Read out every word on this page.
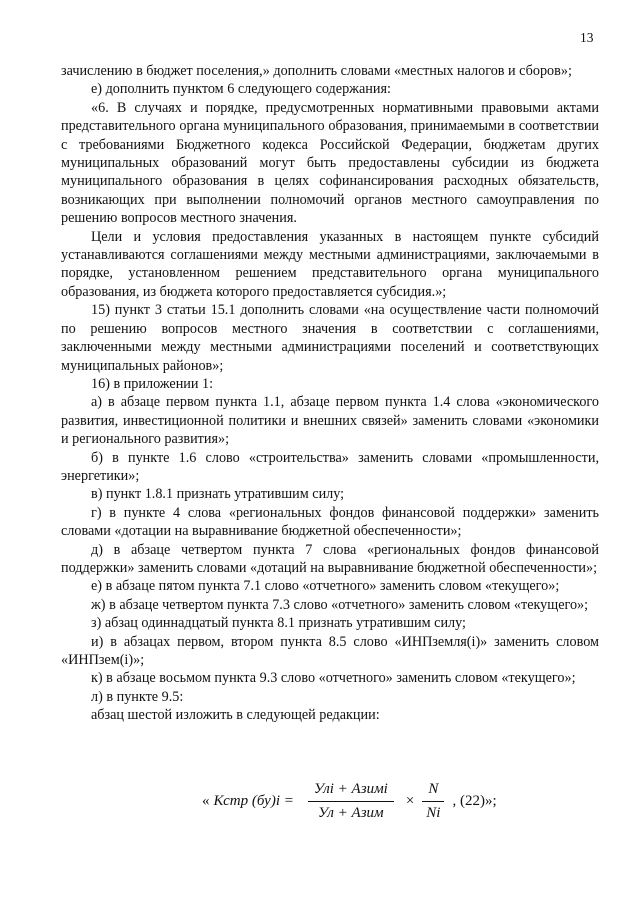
13

зачислению в бюджет поселения,» дополнить словами «местных налогов и сборов»;

е) дополнить пунктом 6 следующего содержания:

«6. В случаях и порядке, предусмотренных нормативными правовыми актами представительного органа муниципального образования, принимаемыми в соответствии с требованиями Бюджетного кодекса Российской Федерации, бюджетам других муниципальных образований могут быть предоставлены субсидии из бюджета муниципального образования в целях софинансирования расходных обязательств, возникающих при выполнении полномочий органов местного самоуправления по решению вопросов местного значения.

Цели и условия предоставления указанных в настоящем пункте субсидий устанавливаются соглашениями между местными администрациями, заключаемыми в порядке, установленном решением представительного органа муниципального образования, из бюджета которого предоставляется субсидия.»;

15) пункт 3 статьи 15.1 дополнить словами «на осуществление части полномочий по решению вопросов местного значения в соответствии с соглашениями, заключенными между местными администрациями поселений и соответствующих муниципальных районов»;

16) в приложении 1:

а) в абзаце первом пункта 1.1, абзаце первом пункта 1.4 слова «экономического развития, инвестиционной политики и внешних связей» заменить словами «экономики и регионального развития»;

б) в пункте 1.6 слово «строительства» заменить словами «промышленности, энергетики»;

в) пункт 1.8.1 признать утратившим силу;

г) в пункте 4 слова «региональных фондов финансовой поддержки» заменить словами «дотации на выравнивание бюджетной обеспеченности»;

д) в абзаце четвертом пункта 7 слова «региональных фондов финансовой поддержки» заменить словами «дотаций на выравнивание бюджетной обеспеченности»;

е) в абзаце пятом пункта 7.1 слово «отчетного» заменить словом «текущего»;

ж) в абзаце четвертом пункта 7.3 слово «отчетного» заменить словом «текущего»;

з) абзац одиннадцатый пункта 8.1 признать утратившим силу;

и) в абзацах первом, втором пункта 8.5 слово «ИНПземля(i)» заменить словом «ИНПзем(i)»;

к) в абзаце восьмом пункта 9.3 слово «отчетного» заменить словом «текущего»;

л) в пункте 9.5:

абзац шестой изложить в следующей редакции:

« Кстр $(бу)i = \frac{\text{Улi + Азимi}}{\text{Ул + Азим}} \times \frac{N}{Ni}$ , (22)»;
